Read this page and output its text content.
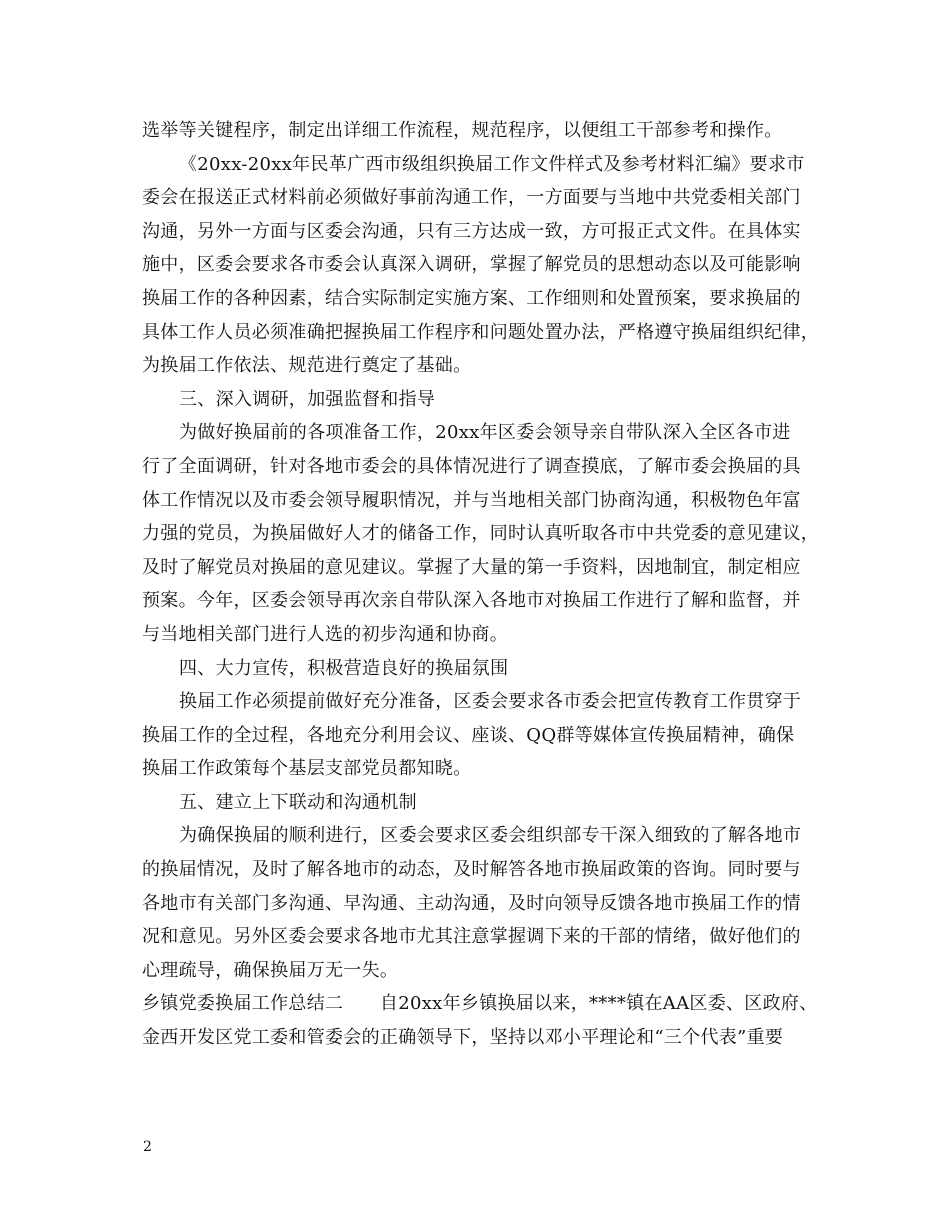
选举等关键程序，制定出详细工作流程，规范程序，以便组工干部参考和操作。
《20xx-20xx年民革广西市级组织换届工作文件样式及参考材料汇编》要求市
委会在报送正式材料前必须做好事前沟通工作，一方面要与当地中共党委相关部门
沟通，另外一方面与区委会沟通，只有三方达成一致，方可报正式文件。在具体实
施中，区委会要求各市委会认真深入调研，掌握了解党员的思想动态以及可能影响
换届工作的各种因素，结合实际制定实施方案、工作细则和处置预案，要求换届的
具体工作人员必须准确把握换届工作程序和问题处置办法，严格遵守换届组织纪律，
为换届工作依法、规范进行奠定了基础。
三、深入调研，加强监督和指导
为做好换届前的各项准备工作，20xx年区委会领导亲自带队深入全区各市进
行了全面调研，针对各地市委会的具体情况进行了调查摸底，了解市委会换届的具
体工作情况以及市委会领导履职情况，并与当地相关部门协商沟通，积极物色年富
力强的党员，为换届做好人才的储备工作，同时认真听取各市中共党委的意见建议，
及时了解党员对换届的意见建议。掌握了大量的第一手资料，因地制宜，制定相应
预案。今年，区委会领导再次亲自带队深入各地市对换届工作进行了解和监督，并
与当地相关部门进行人选的初步沟通和协商。
四、大力宣传，积极营造良好的换届氛围
换届工作必须提前做好充分准备，区委会要求各市委会把宣传教育工作贯穿于
换届工作的全过程，各地充分利用会议、座谈、QQ群等媒体宣传换届精神，确保
换届工作政策每个基层支部党员都知晓。
五、建立上下联动和沟通机制
为确保换届的顺利进行，区委会要求区委会组织部专干深入细致的了解各地市
的换届情况，及时了解各地市的动态，及时解答各地市换届政策的咨询。同时要与
各地市有关部门多沟通、早沟通、主动沟通，及时向领导反馈各地市换届工作的情
况和意见。另外区委会要求各地市尤其注意掌握调下来的干部的情绪，做好他们的
心理疏导，确保换届万无一失。
乡镇党委换届工作总结二　　自20xx年乡镇换届以来，****镇在AA区委、区政府、
金西开发区党工委和管委会的正确领导下，坚持以邓小平理论和“三个代表”重要
2
